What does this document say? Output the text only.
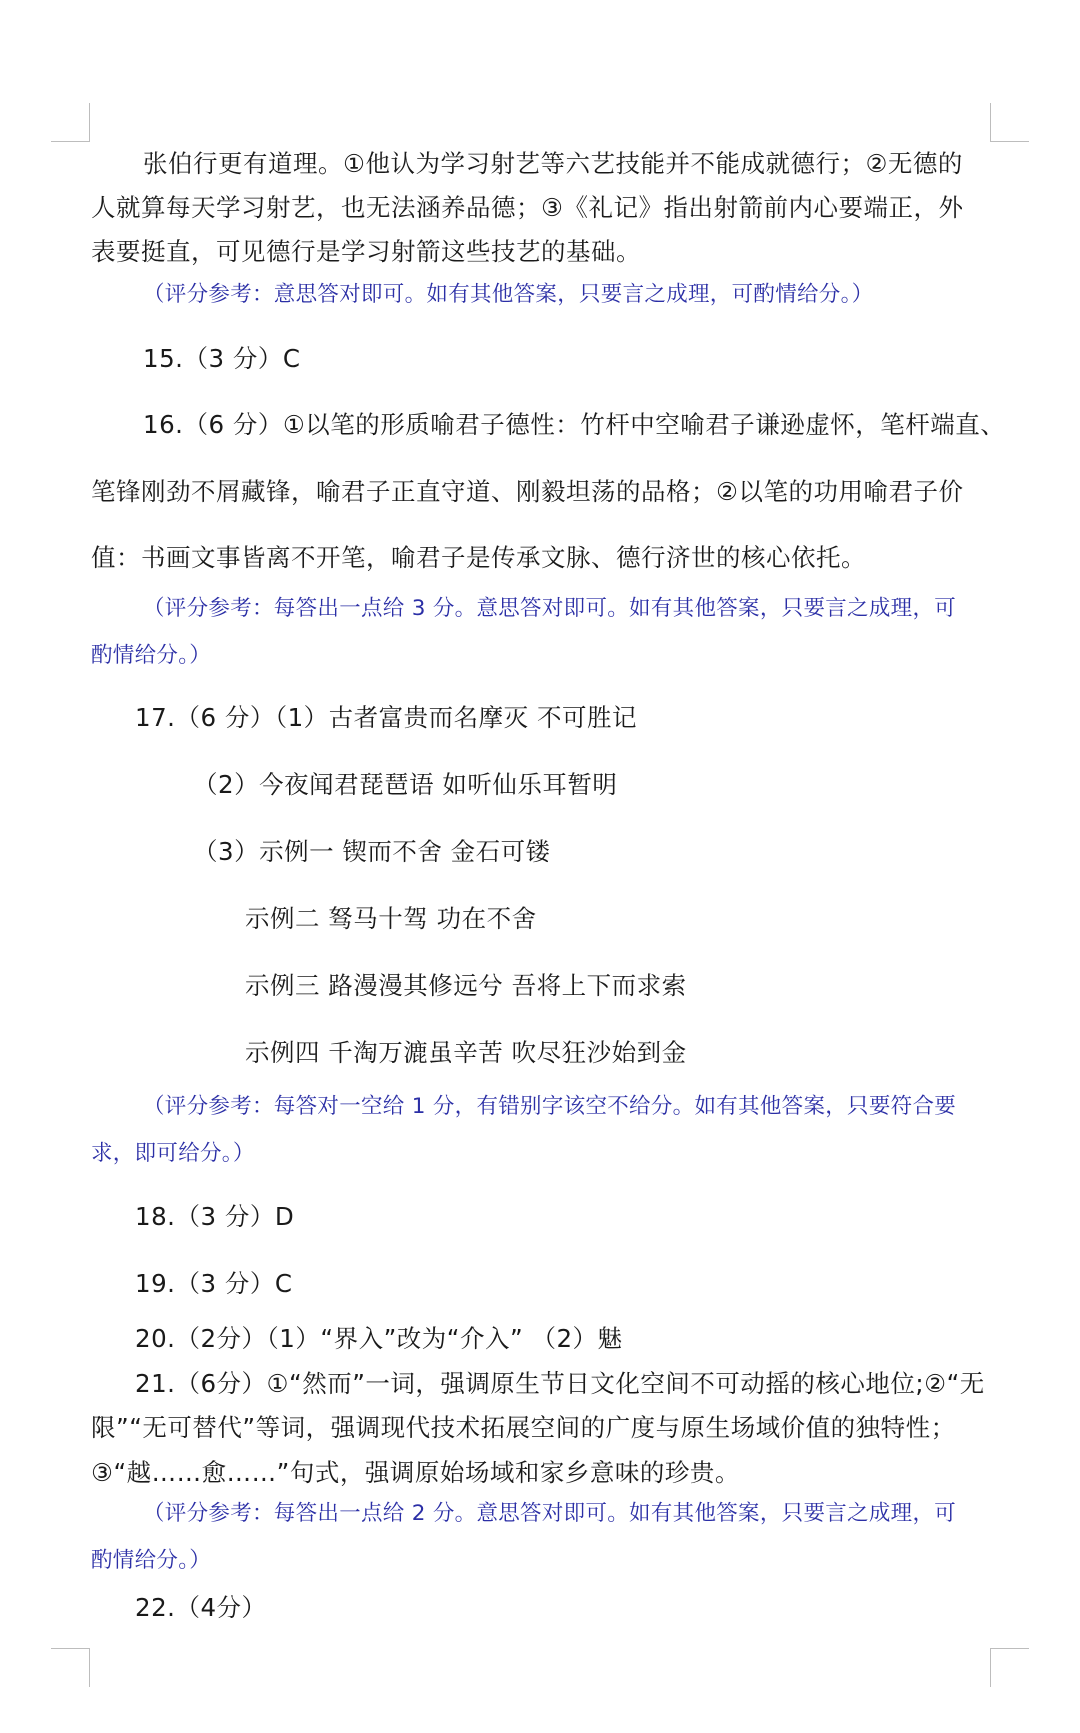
张伯行更有道理。①他认为学习射艺等六艺技能并不能成就德行；②无德的
人就算每天学习射艺，也无法涵养品德；③《礼记》指出射箭前内心要端正，外
表要挺直，可见德行是学习射箭这些技艺的基础。
（评分参考：意思答对即可。如有其他答案，只要言之成理，可酌情给分。）
15.（3 分）C
16.（6 分）①以笔的形质喻君子德性：竹杆中空喻君子谦逊虚怀，笔杆端直、
笔锋刚劲不屑藏锋，喻君子正直守道、刚毅坦荡的品格；②以笔的功用喻君子价
值：书画文事皆离不开笔，喻君子是传承文脉、德行济世的核心依托。
（评分参考：每答出一点给 3 分。意思答对即可。如有其他答案，只要言之成理，可
酌情给分。）
17.（6 分）（1）古者富贵而名摩灭 不可胜记
（2）今夜闻君琵琶语 如听仙乐耳暂明
（3）示例一 锲而不舍 金石可镂
示例二 驽马十驾 功在不舍
示例三 路漫漫其修远兮 吾将上下而求索
示例四 千淘万漉虽辛苦 吹尽狂沙始到金
（评分参考：每答对一空给 1 分，有错别字该空不给分。如有其他答案，只要符合要
求，即可给分。）
18.（3 分）D
19.（3 分）C
20.（2分）（1）“界入”改为“介入” （2）魅
21.（6分）①“然而”一词，强调原生节日文化空间不可动摇的核心地位;②“无
限”“无可替代”等词，强调现代技术拓展空间的广度与原生场域价值的独特性；
③“越……愈……”句式，强调原始场域和家乡意味的珍贵。
（评分参考：每答出一点给 2 分。意思答对即可。如有其他答案，只要言之成理，可
酌情给分。）
22.（4分）
